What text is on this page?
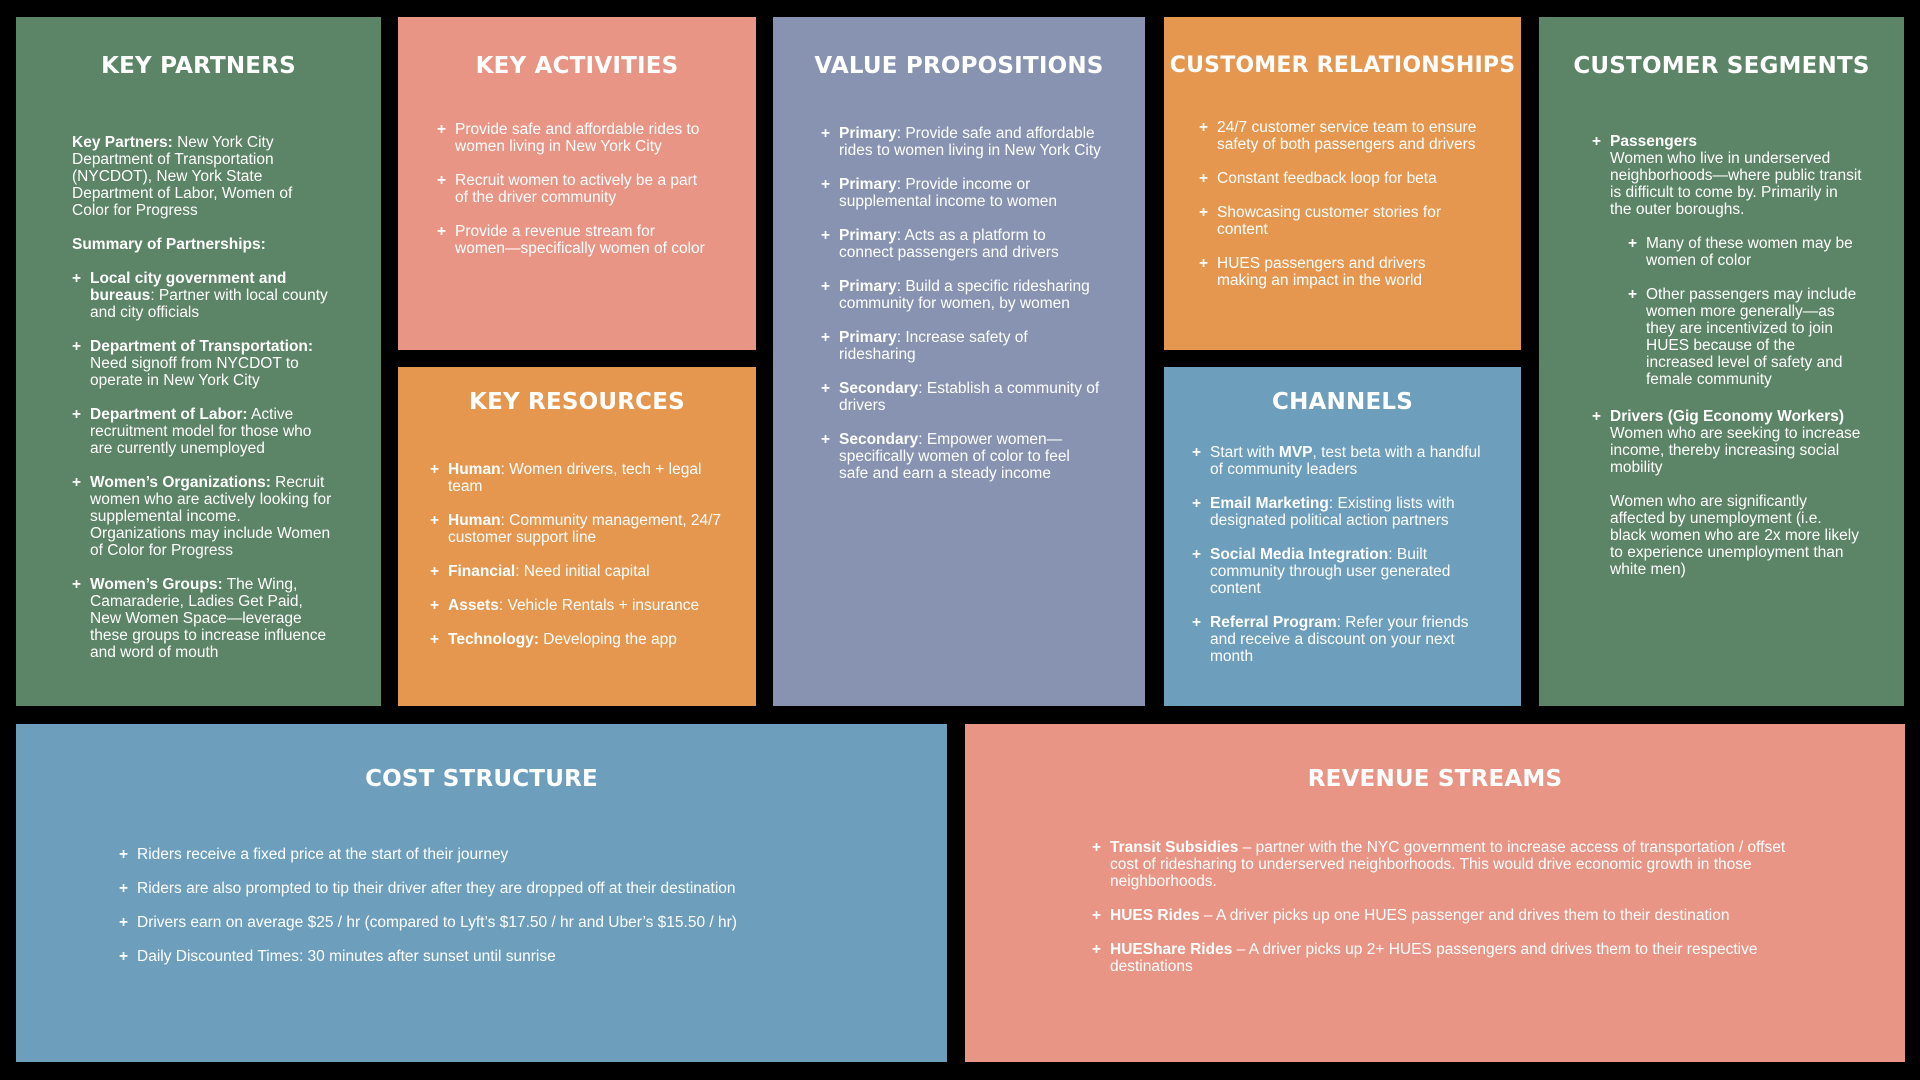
KEY PARTNERS

Key Partners: New York City Department of Transportation (NYCDOT), New York State Department of Labor, Women of Color for Progress

Summary of Partnerships:

+ Local city government and bureaus: Partner with local county and city officials
+ Department of Transportation: Need signoff from NYCDOT to operate in New York City
+ Department of Labor: Active recruitment model for those who are currently unemployed
+ Women’s Organizations: Recruit women who are actively looking for supplemental income. Organizations may include Women of Color for Progress
+ Women’s Groups: The Wing, Camaraderie, Ladies Get Paid, New Women Space—leverage these groups to increase influence and word of mouth
KEY ACTIVITIES
+ Provide safe and affordable rides to women living in New York City
+ Recruit women to actively be a part of the driver community
+ Provide a revenue stream for women—specifically women of color
KEY RESOURCES
+ Human: Women drivers, tech + legal team
+ Human: Community management, 24/7 customer support line
+ Financial: Need initial capital
+ Assets: Vehicle Rentals + insurance
+ Technology: Developing the app
VALUE PROPOSITIONS
+ Primary: Provide safe and affordable rides to women living in New York City
+ Primary: Provide income or supplemental income to women
+ Primary: Acts as a platform to connect passengers and drivers
+ Primary: Build a specific ridesharing community for women, by women
+ Primary: Increase safety of ridesharing
+ Secondary: Establish a community of drivers
+ Secondary: Empower women—specifically women of color to feel safe and earn a steady income
CUSTOMER RELATIONSHIPS
+ 24/7 customer service team to ensure safety of both passengers and drivers
+ Constant feedback loop for beta
+ Showcasing customer stories for content
+ HUES passengers and drivers making an impact in the world
CHANNELS
+ Start with MVP, test beta with a handful of community leaders
+ Email Marketing: Existing lists with designated political action partners
+ Social Media Integration: Built community through user generated content
+ Referral Program: Refer your friends and receive a discount on your next month
CUSTOMER SEGMENTS
+ Passengers
Women who live in underserved neighborhoods—where public transit is difficult to come by. Primarily in the outer boroughs.
+ Many of these women may be women of color
+ Other passengers may include women more generally—as they are incentivized to join HUES because of the increased level of safety and female community
+ Drivers (Gig Economy Workers)
Women who are seeking to increase income, thereby increasing social mobility
Women who are significantly affected by unemployment (i.e. black women who are 2x more likely to experience unemployment than white men)
COST STRUCTURE
+ Riders receive a fixed price at the start of their journey
+ Riders are also prompted to tip their driver after they are dropped off at their destination
+ Drivers earn on average $25 / hr (compared to Lyft’s $17.50 / hr and Uber’s $15.50 / hr)
+ Daily Discounted Times: 30 minutes after sunset until sunrise
REVENUE STREAMS
+ Transit Subsidies – partner with the NYC government to increase access of transportation / offset cost of ridesharing to underserved neighborhoods. This would drive economic growth in those neighborhoods.
+ HUES Rides – A driver picks up one HUES passenger and drives them to their destination
+ HUEShare Rides – A driver picks up 2+ HUES passengers and drives them to their respective destinations
